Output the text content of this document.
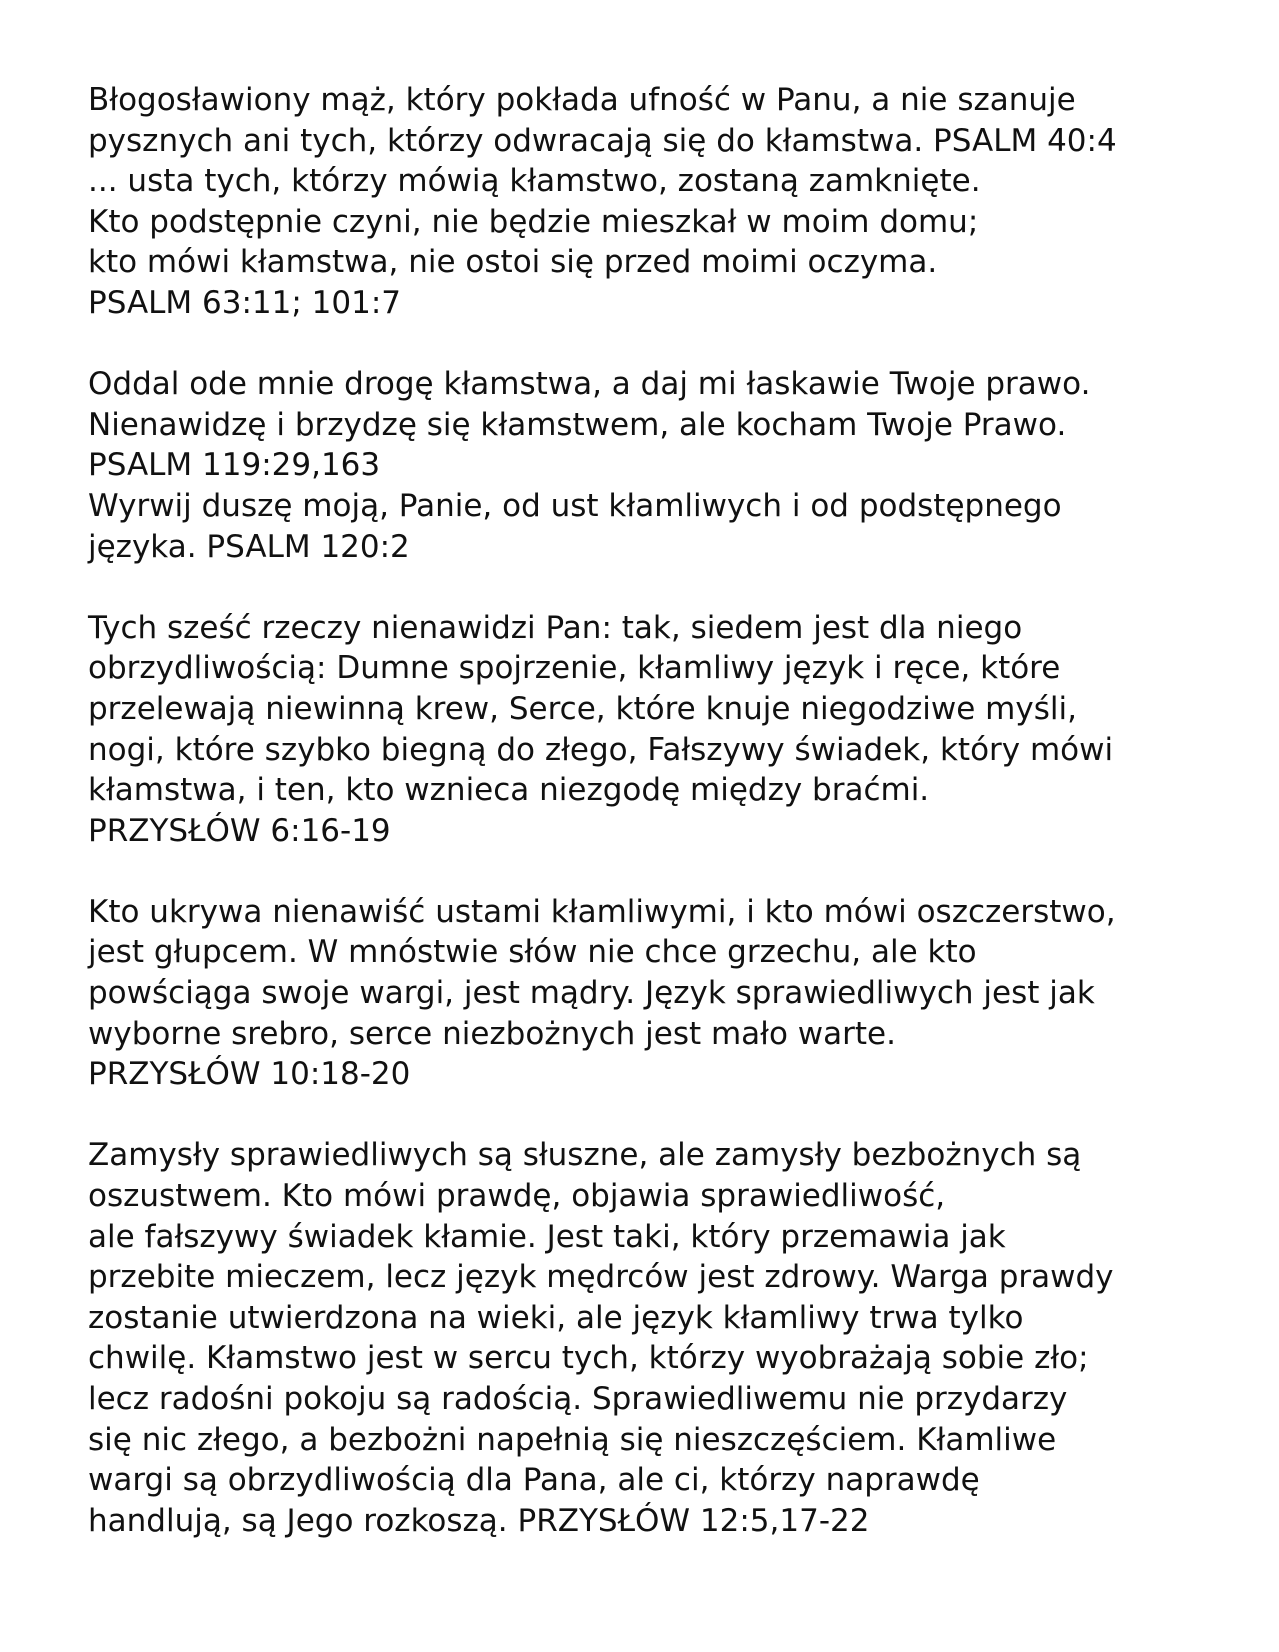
Błogosławiony mąż, który pokłada ufność w Panu, a nie szanuje
pysznych ani tych, którzy odwracają się do kłamstwa. PSALM 40:4
... usta tych, którzy mówią kłamstwo, zostaną zamknięte.
Kto podstępnie czyni, nie będzie mieszkał w moim domu;
kto mówi kłamstwa, nie ostoi się przed moimi oczyma.
PSALM 63:11; 101:7
Oddal ode mnie drogę kłamstwa, a daj mi łaskawie Twoje prawo.
Nienawidzę i brzydzę się kłamstwem, ale kocham Twoje Prawo.
PSALM 119:29,163
Wyrwij duszę moją, Panie, od ust kłamliwych i od podstępnego
języka. PSALM 120:2
Tych sześć rzeczy nienawidzi Pan: tak, siedem jest dla niego
obrzydliwością: Dumne spojrzenie, kłamliwy język i ręce, które
przelewają niewinną krew, Serce, które knuje niegodziwe myśli,
nogi, które szybko biegną do złego, Fałszywy świadek, który mówi
kłamstwa, i ten, kto wznieca niezgodę między braćmi.
PRZYSŁÓW 6:16-19
Kto ukrywa nienawiść ustami kłamliwymi, i kto mówi oszczerstwo,
jest głupcem. W mnóstwie słów nie chce grzechu, ale kto
powściąga swoje wargi, jest mądry. Język sprawiedliwych jest jak
wyborne srebro, serce niezbożnych jest mało warte.
PRZYSŁÓW 10:18-20
Zamysły sprawiedliwych są słuszne, ale zamysły bezbożnych są
oszustwem. Kto mówi prawdę, objawia sprawiedliwość,
ale fałszywy świadek kłamie. Jest taki, który przemawia jak
przebite mieczem, lecz język mędrców jest zdrowy. Warga prawdy
zostanie utwierdzona na wieki, ale język kłamliwy trwa tylko
chwilę. Kłamstwo jest w sercu tych, którzy wyobrażają sobie zło;
lecz radośni pokoju są radością. Sprawiedliwemu nie przydarzy
się nic złego, a bezbożni napełnią się nieszczęściem. Kłamliwe
wargi są obrzydliwością dla Pana, ale ci, którzy naprawdę
handlują, są Jego rozkoszą. PRZYSŁÓW 12:5,17-22
